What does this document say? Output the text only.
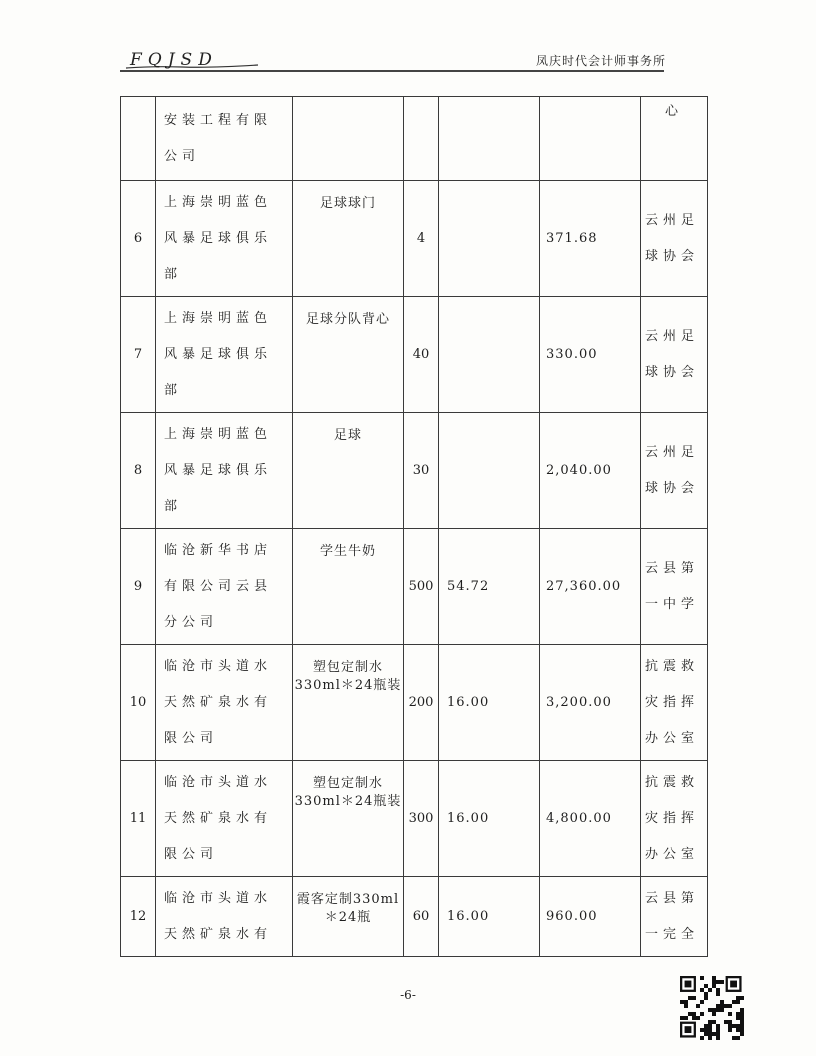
FQJSD	凤庆时代会计师事务所
	安装工程有限公司					心
6	上海崇明蓝色风暴足球俱乐部	足球球门	4		371.68	云州足球协会
7	上海崇明蓝色风暴足球俱乐部	足球分队背心	40		330.00	云州足球协会
8	上海崇明蓝色风暴足球俱乐部	足球	30		2,040.00	云州足球协会
9	临沧新华书店有限公司云县分公司	学生牛奶	500	54.72	27,360.00	云县第一中学
10	临沧市头道水天然矿泉水有限公司	塑包定制水330ml＊24瓶装	200	16.00	3,200.00	抗震救灾指挥办公室
11	临沧市头道水天然矿泉水有限公司	塑包定制水330ml＊24瓶装	300	16.00	4,800.00	抗震救灾指挥办公室
12	临沧市头道水天然矿泉水有	霞客定制330ml＊24瓶	60	16.00	960.00	云县第一完全
-6-
